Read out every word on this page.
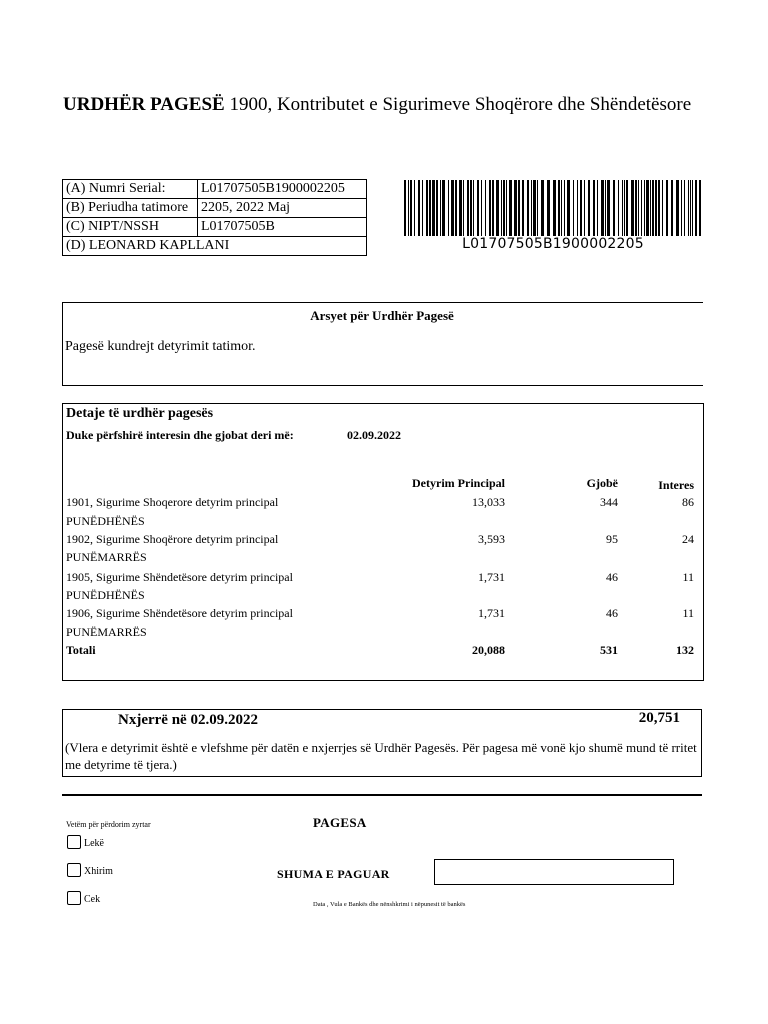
URDHËR PAGESË 1900, Kontributet e Sigurimeve Shoqërore dhe Shëndetësore
(A) Numri Serial:	L01707505B1900002205
(B) Periudha tatimore	2205, 2022 Maj
(C) NIPT/NSSH	L01707505B
(D) LEONARD KAPLLANI		L01707505B1900002205
Arsyet për Urdhër Pagesë
Pagesë kundrejt detyrimit tatimor.
Detaje të urdhër pagesës
Duke përfshirë interesin dhe gjobat deri më:	02.09.2022
Detyrim Principal	Gjobë	Interes
1901, Sigurime Shoqerore detyrim principal
PUNËDHËNËS
13,033	344	86
1902, Sigurime Shoqërore detyrim principal
PUNËMARRËS
3,593	95	24
1905, Sigurime Shëndetësore detyrim principal
PUNËDHËNËS
1,731	46	11
1906, Sigurime Shëndetësore detyrim principal
PUNËMARRËS
1,731	46	11
Totali	20,088	531	132
Nxjerrë në 02.09.2022	20,751
(Vlera e detyrimit është e vlefshme për datën e nxjerrjes së Urdhër Pagesës. Për pagesa më vonë kjo shumë mund të rritet me detyrime të tjera.)
Vetëm për përdorim zyrtar	PAGESA
Lekë
Xhirim
Cek
SHUMA E PAGUAR
Data , Vula e Bankës dhe nënshkrimi i nëpunesit të bankës
